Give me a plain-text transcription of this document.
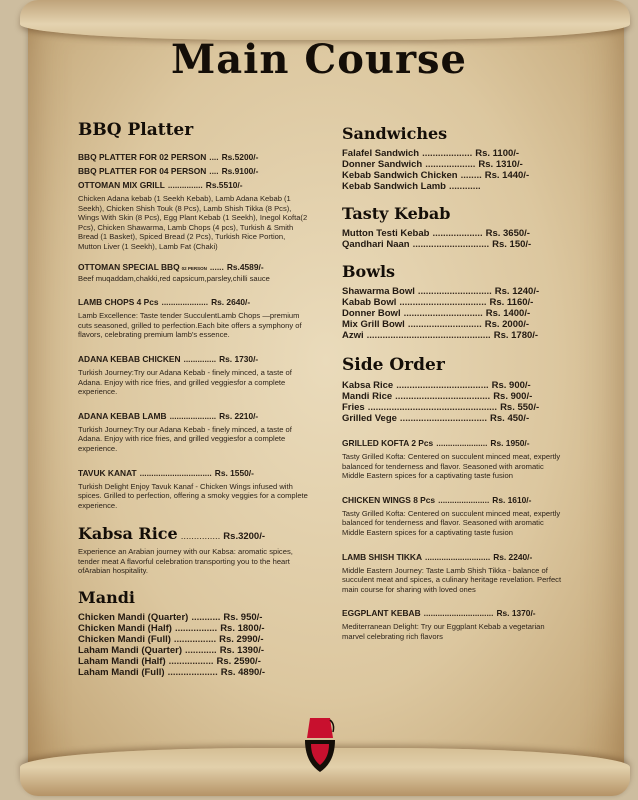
Main Course
BBQ Platter
BBQ PLATTER FOR 02 PERSON .... Rs.5200/-
BBQ PLATTER FOR 04 PERSON .... Rs.9100/-
OTTOMAN MIX GRILL ............... Rs.5510/-
Chicken Adana kebab (1 Seekh Kebab), Lamb Adana Kebab (1 Seekh), Chicken Shish Touk (8 Pcs), Lamb Shish Tikka (8 Pcs), Wings With Skin (8 Pcs), Egg Plant Kebab (1 Seekh), Inegol Kofta(2 Pcs), Chicken Shawarma, Lamb Chops (4 pcs), Turkish & Smith Bread (1 Basket), Spiced Bread (2 Pcs), Turkish Rice Portion, Mutton Liver (1 Seekh), Lamb Fat (Chaki)
OTTOMAN SPECIAL BBQ 02 PERSON ...... Rs.4589/-
Beef muqaddam,chakki,red capsicum,parsley,chilli sauce
LAMB CHOPS 4 Pcs .................... Rs. 2640/-
Lamb Excellence: Taste tender SucculentLamb Chops —premium cuts seasoned, grilled to perfection.Each bite offers a symphony of flavors, celebrating premium lamb's essence.
ADANA KEBAB CHICKEN .............. Rs. 1730/-
Turkish Journey:Try our Adana Kebab - finely minced, a taste of Adana. Enjoy with rice fries, and grilled veggiesfor a complete experience.
ADANA KEBAB LAMB .................... Rs. 2210/-
Turkish Journey:Try our Adana Kebab - finely minced, a taste of Adana. Enjoy with rice fries, and grilled veggiesfor a complete experience.
TAVUK KANAT ............................... Rs. 1550/-
Turkish Delight Enjoy Tavuk Kanaf - Chicken Wings infused with spices. Grilled to perfection, offering a smoky veggies for a complete experience.
Kabsa Rice ............... Rs.3200/-
Experience an Arabian journey with our Kabsa: aromatic spices, tender meat A flavorful celebration transporting you to the heart ofArabian hospitality.
Mandi
Chicken Mandi (Quarter) ........... Rs. 950/-
Chicken Mandi (Half) ................ Rs. 1800/-
Chicken Mandi (Full) ................ Rs. 2990/-
Laham Mandi (Quarter) ............ Rs. 1390/-
Laham Mandi (Half) ................. Rs. 2590/-
Laham Mandi (Full) ................... Rs. 4890/-
Sandwiches
Falafel Sandwich ................... Rs. 1100/-
Donner Sandwich ................... Rs. 1310/-
Kebab Sandwich Chicken ........ Rs. 1440/-
Kebab Sandwich Lamb ............
Tasty Kebab
Mutton Testi Kebab ................... Rs. 3650/-
Qandhari Naan ............................. Rs. 150/-
Bowls
Shawarma Bowl ............................ Rs. 1240/-
Kabab Bowl ................................. Rs. 1160/-
Donner Bowl .............................. Rs. 1400/-
Mix Grill Bowl ............................ Rs. 2000/-
Azwi ............................................... Rs. 1780/-
Side Order
Kabsa Rice ................................... Rs. 900/-
Mandi Rice .................................... Rs. 900/-
Fries ................................................. Rs. 550/-
Grilled Vege ................................. Rs. 450/-
GRILLED KOFTA 2 Pcs ...................... Rs. 1950/-
Tasty Grilled Kofta: Centered on succulent minced meat, expertly balanced for tenderness and flavor. Seasoned with aromatic Middle Eastern spices for a captivating taste fusion
CHICKEN WINGS 8 Pcs ...................... Rs. 1610/-
Tasty Grilled Kofta: Centered on succulent minced meat, expertly balanced for tenderness and flavor. Seasoned with aromatic Middle Eastern spices for a captivating taste fusion
LAMB SHISH TIKKA ............................ Rs. 2240/-
Middle Eastern Journey: Taste Lamb Shish Tikka - balance of succulent meat and spices, a culinary heritage revelation. Perfect main course for sharing with loved ones
EGGPLANT KEBAB .............................. Rs. 1370/-
Mediterranean Delight: Try our Eggplant Kebab a vegetarian marvel celebrating rich flavors
